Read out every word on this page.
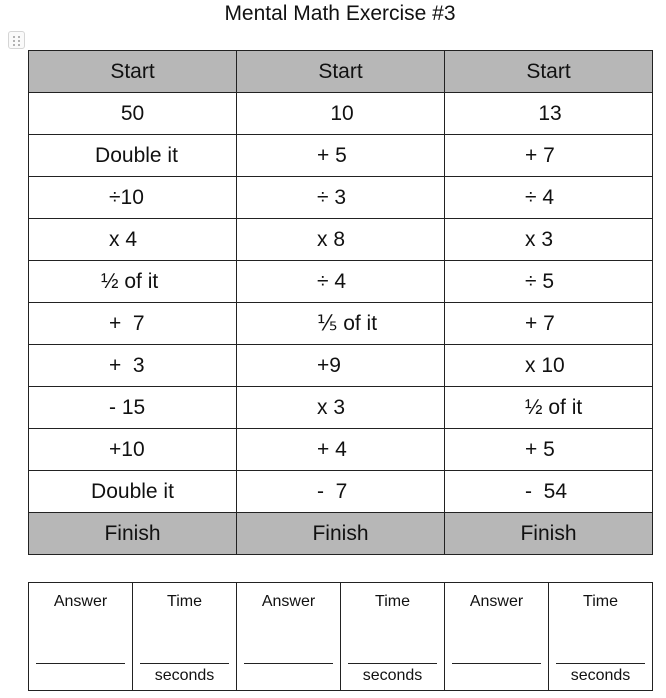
Mental Math Exercise #3
Start	Start	Start
50	10	13
Double it	+ 5	+ 7
÷10	÷ 3	÷ 4
x 4	x 8	x 3
½ of it	÷ 4	÷ 5
+  7	⅕ of it	+ 7
+  3	+9	x 10
- 15	x 3	½ of it
+10	+ 4	+ 5
Double it	-  7	-  54
Finish	Finish	Finish
Answer	Time
seconds

Answer	Time
seconds

Answer	Time
seconds
